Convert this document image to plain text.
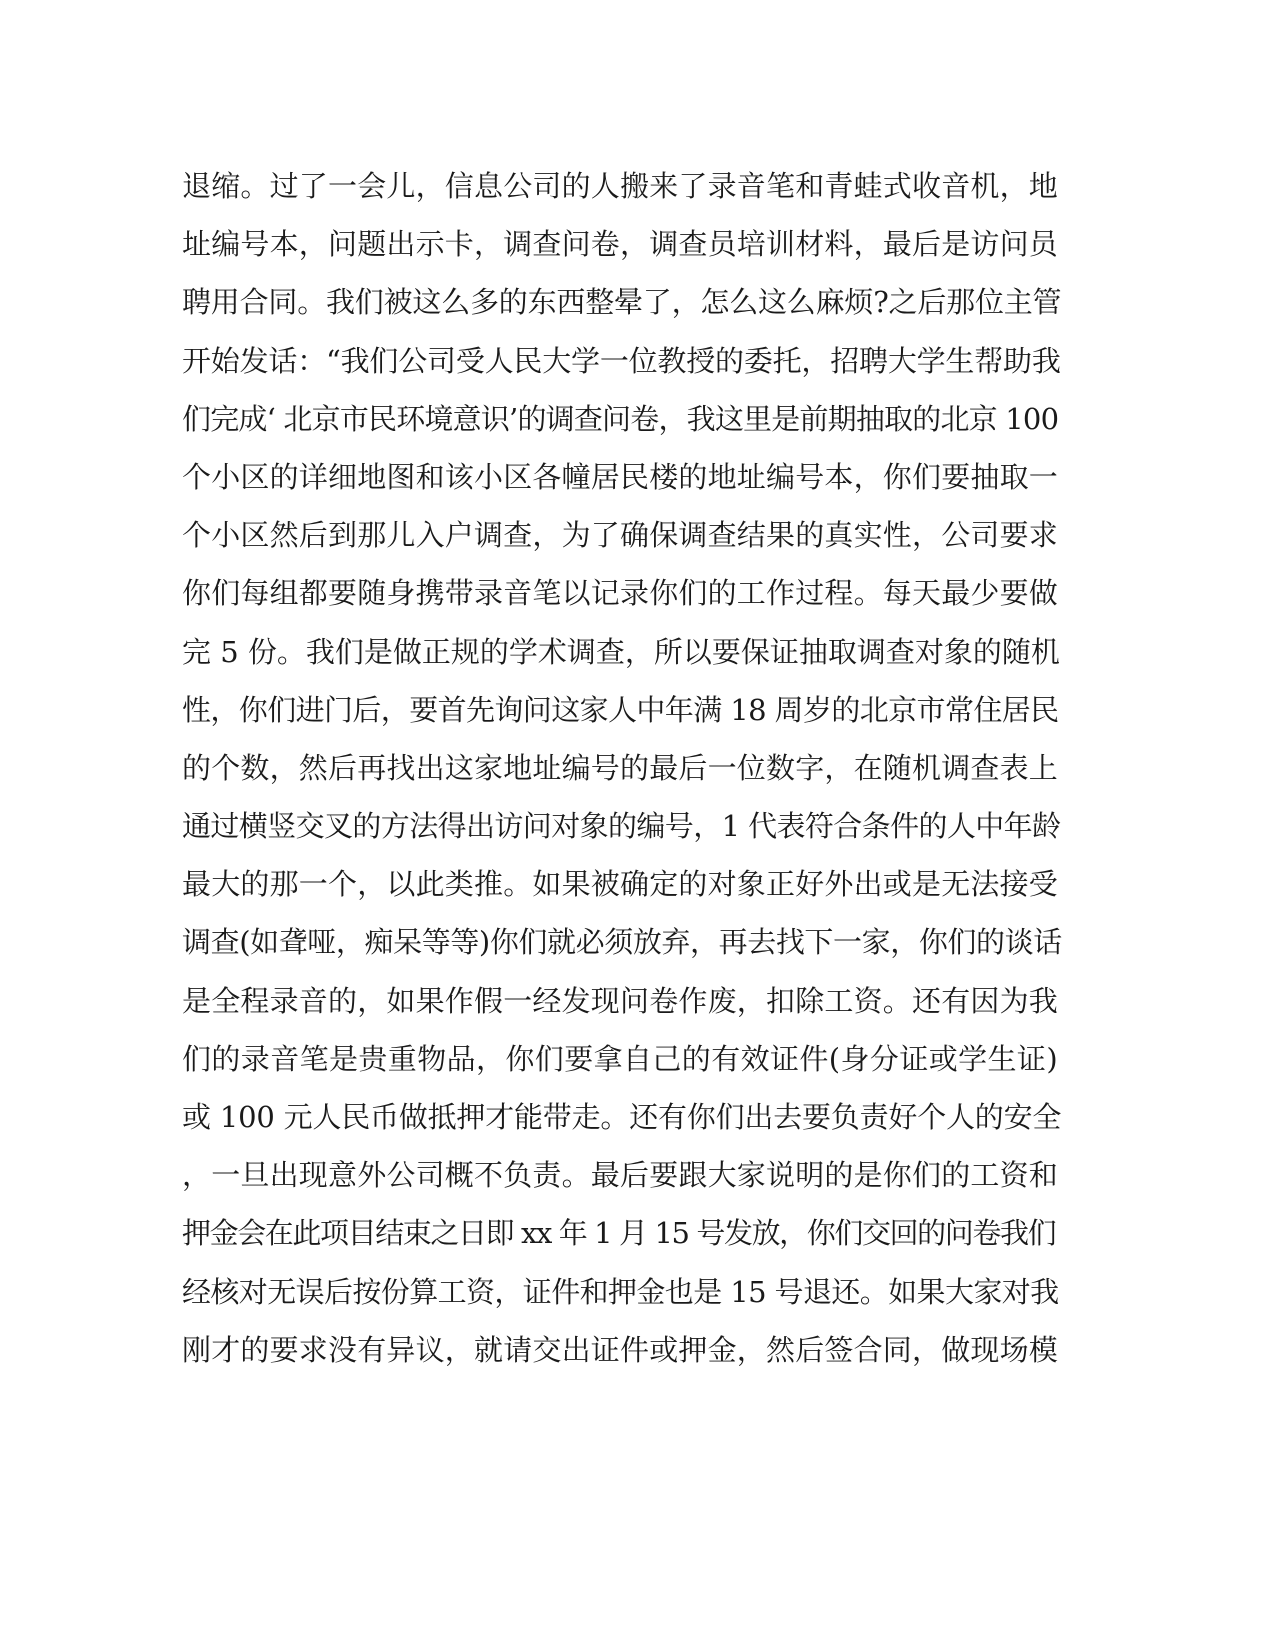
退缩。过了一会儿，信息公司的人搬来了录音笔和青蛙式收音机，地
址编号本，问题出示卡，调查问卷，调查员培训材料，最后是访问员
聘用合同。我们被这么多的东西整晕了，怎么这么麻烦?之后那位主管
开始发话：“我们公司受人民大学一位教授的委托，招聘大学生帮助我
们完成‘ 北京市民环境意识’的调查问卷，我这里是前期抽取的北京 100
个小区的详细地图和该小区各幢居民楼的地址编号本，你们要抽取一
个小区然后到那儿入户调查，为了确保调查结果的真实性，公司要求
你们每组都要随身携带录音笔以记录你们的工作过程。每天最少要做
完 5 份。我们是做正规的学术调查，所以要保证抽取调查对象的随机
性，你们进门后，要首先询问这家人中年满 18 周岁的北京市常住居民
的个数，然后再找出这家地址编号的最后一位数字，在随机调查表上
通过横竖交叉的方法得出访问对象的编号，1 代表符合条件的人中年龄
最大的那一个，以此类推。如果被确定的对象正好外出或是无法接受
调查(如聋哑，痴呆等等)你们就必须放弃，再去找下一家，你们的谈话
是全程录音的，如果作假一经发现问卷作废，扣除工资。还有因为我
们的录音笔是贵重物品，你们要拿自己的有效证件(身分证或学生证)
或 100 元人民币做抵押才能带走。还有你们出去要负责好个人的安全
，一旦出现意外公司概不负责。最后要跟大家说明的是你们的工资和
押金会在此项目结束之日即 xx 年 1 月 15 号发放，你们交回的问卷我们
经核对无误后按份算工资，证件和押金也是 15 号退还。如果大家对我
刚才的要求没有异议，就请交出证件或押金，然后签合同，做现场模
